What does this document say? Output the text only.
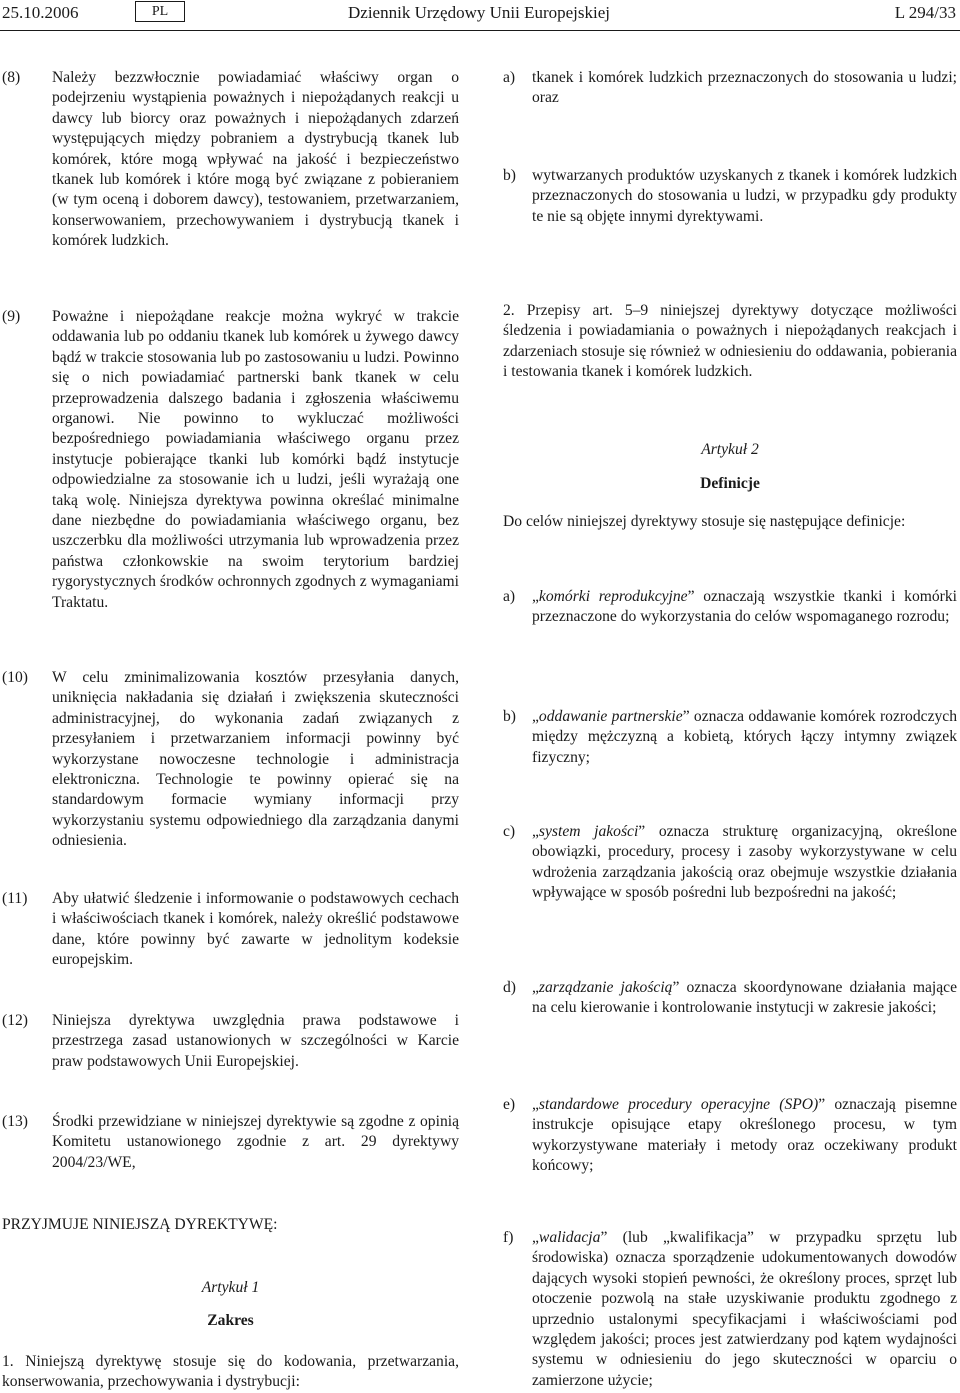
25.10.2006	PL	Dziennik Urzędowy Unii Europejskiej	L 294/33
(8) Należy bezzwłocznie powiadamiać właściwy organ o podejrzeniu wystąpienia poważnych i niepożądanych reakcji u dawcy lub biorcy oraz poważnych i niepożądanych zdarzeń występujących między pobraniem a dystrybucją tkanek lub komórek, które mogą wpływać na jakość i bezpieczeństwo tkanek lub komórek i które mogą być związane z pobieraniem (w tym oceną i doborem dawcy), testowaniem, przetwarzaniem, konserwowaniem, przechowywaniem i dystrybucją tkanek i komórek ludzkich.

(9) Poważne i niepożądane reakcje można wykryć w trakcie oddawania lub po oddaniu tkanek lub komórek u żywego dawcy bądź w trakcie stosowania lub po zastosowaniu u ludzi. Powinno się o nich powiadamiać partnerski bank tkanek w celu przeprowadzenia dalszego badania i zgłoszenia właściwemu organowi. Nie powinno to wykluczać możliwości bezpośredniego powiadamiania właściwego organu przez instytucje pobierające tkanki lub komórki bądź instytucje odpowiedzialne za stosowanie ich u ludzi, jeśli wyrażają one taką wolę. Niniejsza dyrektywa powinna określać minimalne dane niezbędne do powiadamiania właściwego organu, bez uszczerbku dla możliwości utrzymania lub wprowadzenia przez państwa członkowskie na swoim terytorium bardziej rygorystycznych środków ochronnych zgodnych z wymaganiami Traktatu.

(10) W celu zminimalizowania kosztów przesyłania danych, uniknięcia nakładania się działań i zwiększenia skuteczności administracyjnej, do wykonania zadań związanych z przesyłaniem i przetwarzaniem informacji powinny być wykorzystane nowoczesne technologie i administracja elektroniczna. Technologie te powinny opierać się na standardowym formacie wymiany informacji przy wykorzystaniu systemu odpowiedniego dla zarządzania danymi odniesienia.

(11) Aby ułatwić śledzenie i informowanie o podstawowych cechach i właściwościach tkanek i komórek, należy określić podstawowe dane, które powinny być zawarte w jednolitym kodeksie europejskim.

(12) Niniejsza dyrektywa uwzględnia prawa podstawowe i przestrzega zasad ustanowionych w szczególności w Karcie praw podstawowych Unii Europejskiej.

(13) Środki przewidziane w niniejszej dyrektywie są zgodne z opinią Komitetu ustanowionego zgodnie z art. 29 dyrektywy 2004/23/WE,

PRZYJMUJE NINIEJSZĄ DYREKTYWĘ:

Artykuł 1

Zakres

1. Niniejszą dyrektywę stosuje się do kodowania, przetwarzania, konserwowania, przechowywania i dystrybucji:

a) tkanek i komórek ludzkich przeznaczonych do stosowania u ludzi; oraz

b) wytwarzanych produktów uzyskanych z tkanek i komórek ludzkich przeznaczonych do stosowania u ludzi, w przypadku gdy produkty te nie są objęte innymi dyrektywami.

2. Przepisy art. 5–9 niniejszej dyrektywy dotyczące możliwości śledzenia i powiadamiania o poważnych i niepożądanych reakcjach i zdarzeniach stosuje się również w odniesieniu do oddawania, pobierania i testowania tkanek i komórek ludzkich.

Artykuł 2

Definicje

Do celów niniejszej dyrektywy stosuje się następujące definicje:

a) „komórki reprodukcyjne” oznaczają wszystkie tkanki i komórki przeznaczone do wykorzystania do celów wspomaganego rozrodu;

b) „oddawanie partnerskie” oznacza oddawanie komórek rozrodczych między mężczyzną a kobietą, których łączy intymny związek fizyczny;

c) „system jakości” oznacza strukturę organizacyjną, określone obowiązki, procedury, procesy i zasoby wykorzystywane w celu wdrożenia zarządzania jakością oraz obejmuje wszystkie działania wpływające w sposób pośredni lub bezpośredni na jakość;

d) „zarządzanie jakością” oznacza skoordynowane działania mające na celu kierowanie i kontrolowanie instytucji w zakresie jakości;

e) „standardowe procedury operacyjne (SPO)” oznaczają pisemne instrukcje opisujące etapy określonego procesu, w tym wykorzystywane materiały i metody oraz oczekiwany produkt końcowy;

f) „walidacja” (lub „kwalifikacja” w przypadku sprzętu lub środowiska) oznacza sporządzenie udokumentowanych dowodów dających wysoki stopień pewności, że określony proces, sprzęt lub otoczenie pozwolą na stałe uzyskiwanie produktu zgodnego z uprzednio ustalonymi specyfikacjami i właściwościami pod względem jakości; proces jest zatwierdzany pod kątem wydajności systemu w odniesieniu do jego skuteczności w oparciu o zamierzone użycie;
